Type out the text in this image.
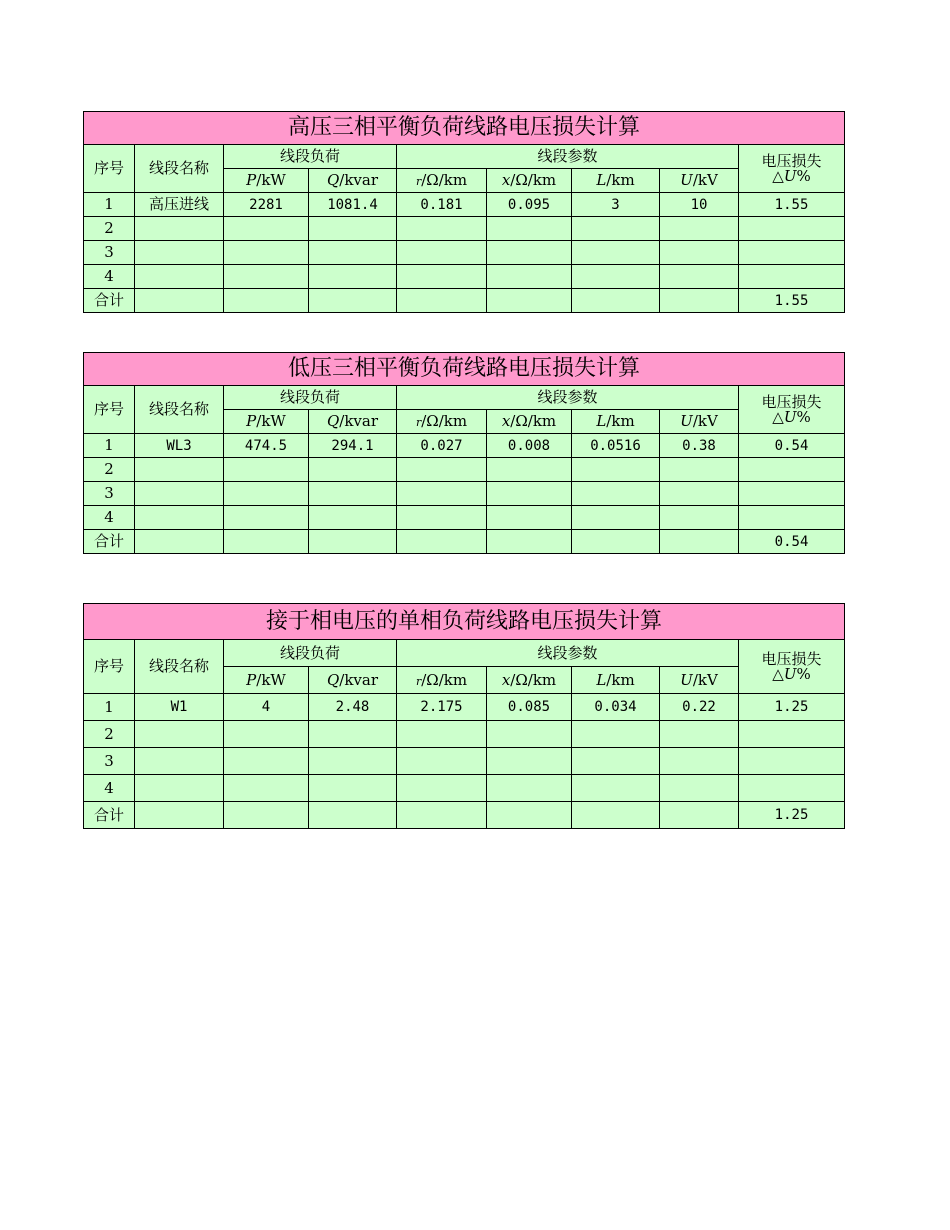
高压三相平衡负荷线路电压损失计算								
序号	线段名称	线段负荷		线段参数				电压损失
△U%
		P/kW	Q/kvar	r/Ω/km	x/Ω/km	L/km	U/kV	
1	高压进线	2281	1081.4	0.181	0.095	3	10	1.55
2								
3								
4								
合计								1.55
低压三相平衡负荷线路电压损失计算								
序号	线段名称	线段负荷		线段参数				电压损失
△U%
		P/kW	Q/kvar	r/Ω/km	x/Ω/km	L/km	U/kV	
1	WL3	474.5	294.1	0.027	0.008	0.0516	0.38	0.54
2								
3								
4								
合计								0.54
接于相电压的单相负荷线路电压损失计算								
序号	线段名称	线段负荷		线段参数				电压损失
△U%
		P/kW	Q/kvar	r/Ω/km	x/Ω/km	L/km	U/kV	
1	W1	4	2.48	2.175	0.085	0.034	0.22	1.25
2								
3								
4								
合计								1.25
